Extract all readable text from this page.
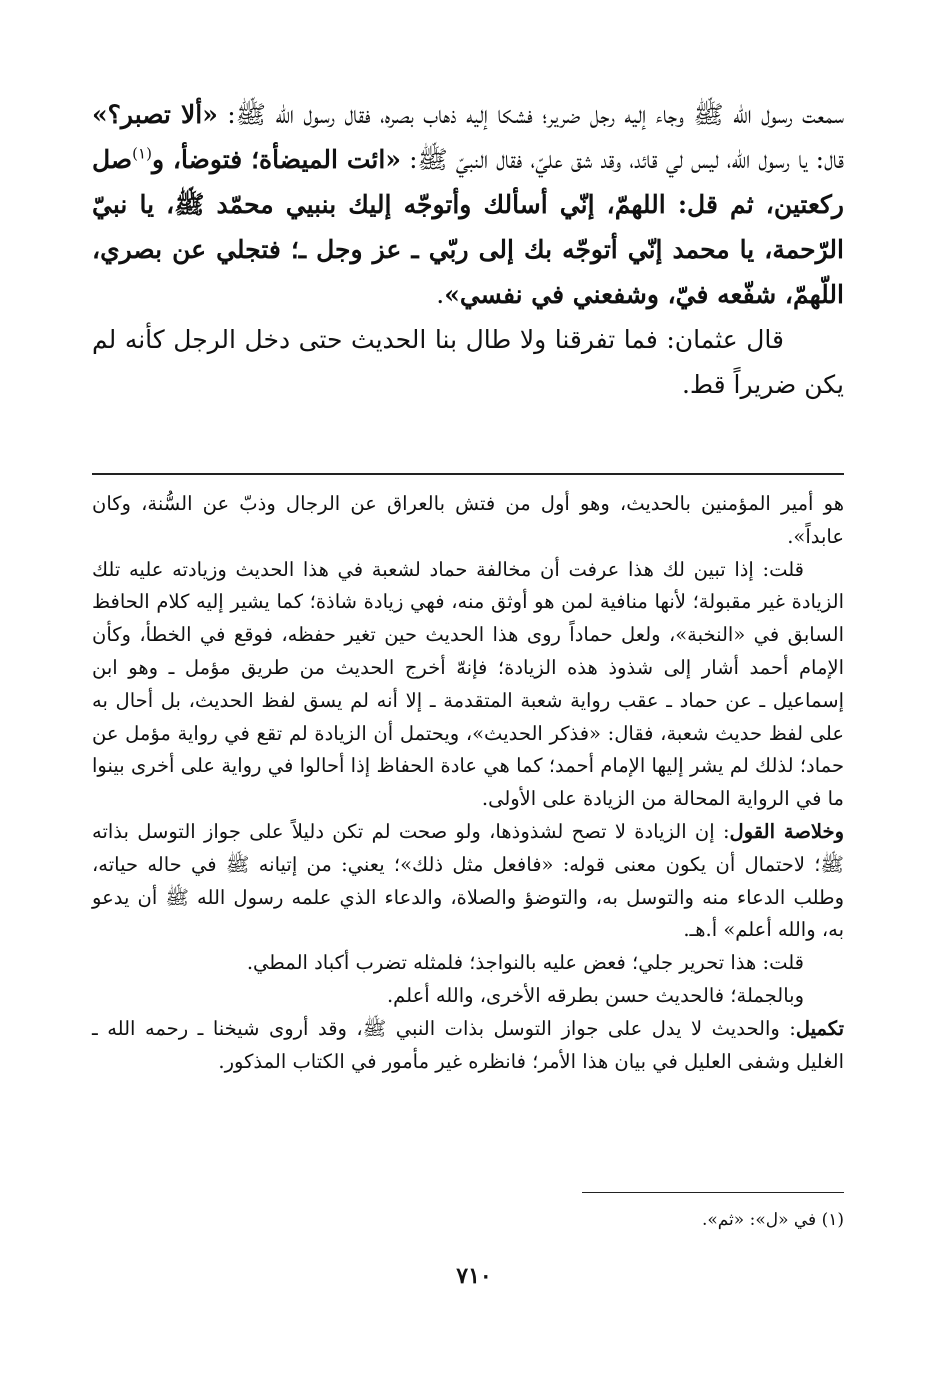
سمعت رسول الله ﷺ وجاء إليه رجل ضرير؛ فشكا إليه ذهاب بصره، فقال رسول الله ﷺ: «ألا تصبر؟» قال: يا رسول الله، ليس لي قائد، وقد شق عليّ، فقال النبيّ ﷺ: «ائت الميضأة؛ فتوضأ، و$^{(١)}$صل ركعتين، ثم قل: اللهمّ، إنّي أسألك وأتوجّه إليك بنبيي محمّد ﷺ، يا نبيّ الرّحمة، يا محمد إنّي أتوجّه بك إلى ربّي ـ عز وجل ـ؛ فتجلي عن بصري، اللّهمّ، شفّعه فيّ، وشفعني في نفسي».

قال عثمان: فما تفرقنا ولا طال بنا الحديث حتى دخل الرجل كأنه لم يكن ضريراً قط.

هو أمير المؤمنين بالحديث، وهو أول من فتش بالعراق عن الرجال وذبّ عن السُّنة، وكان عابداً».

قلت: إذا تبين لك هذا عرفت أن مخالفة حماد لشعبة في هذا الحديث وزيادته عليه تلك الزيادة غير مقبولة؛ لأنها منافية لمن هو أوثق منه، فهي زيادة شاذة؛ كما يشير إليه كلام الحافظ السابق في «النخبة»، ولعل حماداً روى هذا الحديث حين تغير حفظه، فوقع في الخطأ، وكأن الإمام أحمد أشار إلى شذوذ هذه الزيادة؛ فإنهّ أخرج الحديث من طريق مؤمل ـ وهو ابن إسماعيل ـ عن حماد ـ عقب رواية شعبة المتقدمة ـ إلا أنه لم يسق لفظ الحديث، بل أحال به على لفظ حديث شعبة، فقال: «فذكر الحديث»، ويحتمل أن الزيادة لم تقع في رواية مؤمل عن حماد؛ لذلك لم يشر إليها الإمام أحمد؛ كما هي عادة الحفاظ إذا أحالوا في رواية على أخرى بينوا ما في الرواية المحالة من الزيادة على الأولى.

وخلاصة القول: إن الزيادة لا تصح لشذوذها، ولو صحت لم تكن دليلاً على جواز التوسل بذاته ﷺ؛ لاحتمال أن يكون معنى قوله: «فافعل مثل ذلك»؛ يعني: من إتيانه ﷺ في حاله حياته، وطلب الدعاء منه والتوسل به، والتوضؤ والصلاة، والدعاء الذي علمه رسول الله ﷺ أن يدعو به، والله أعلم» أ.هـ.

قلت: هذا تحرير جلي؛ فعض عليه بالنواجذ؛ فلمثله تضرب أكباد المطي.

وبالجملة؛ فالحديث حسن بطرقه الأخرى، والله أعلم.

تكميل: والحديث لا يدل على جواز التوسل بذات النبي ﷺ، وقد أروى شيخنا ـ رحمه الله ـ الغليل وشفى العليل في بيان هذا الأمر؛ فانظره غير مأمور في الكتاب المذكور.

(١) في «ل»: «ثم».
٧١٠
